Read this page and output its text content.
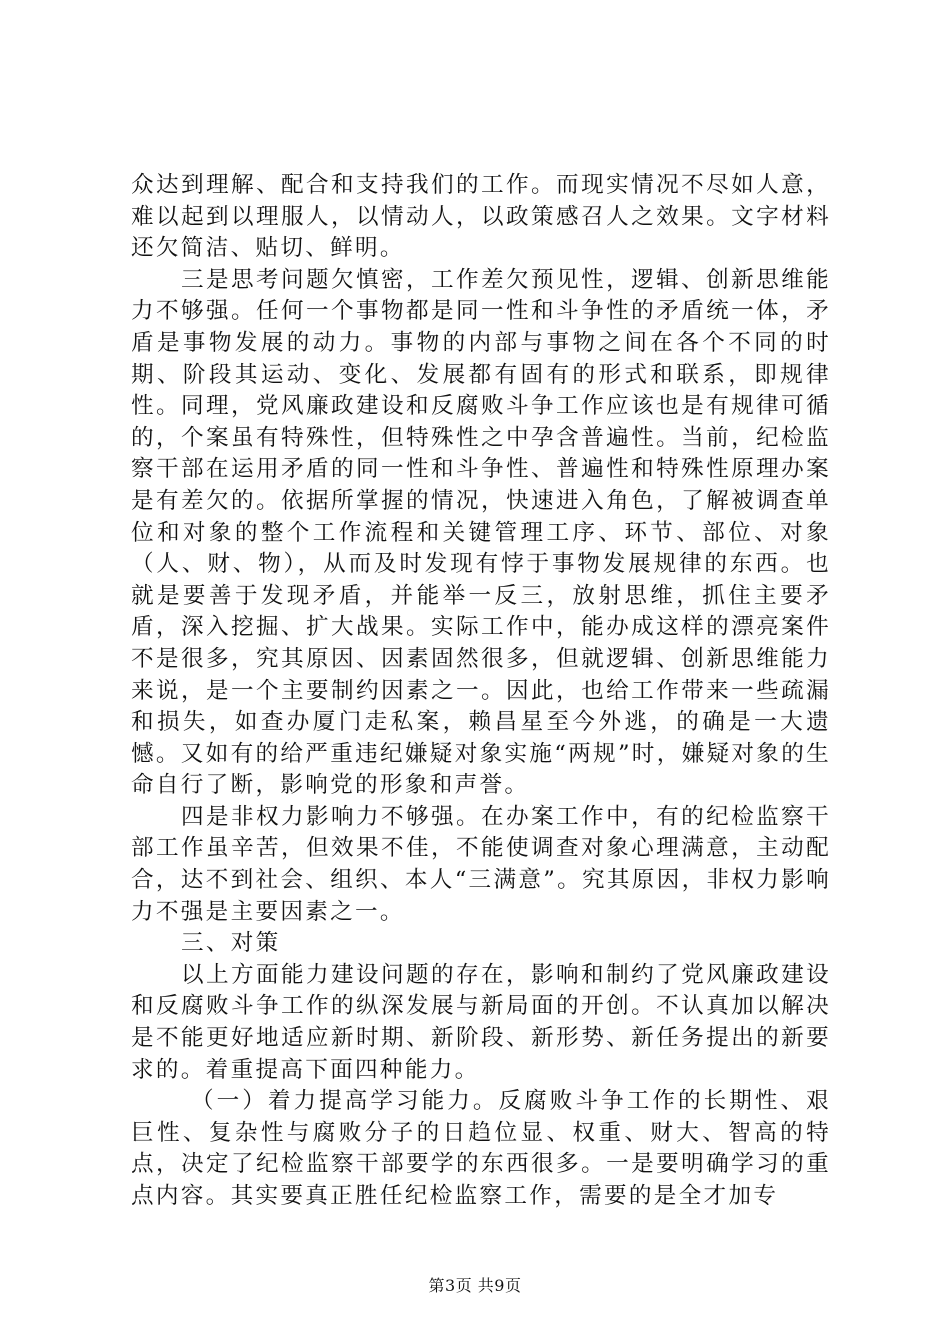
众达到理解、配合和支持我们的工作。而现实情况不尽如人意，难以起到以理服人，以情动人，以政策感召人之效果。文字材料还欠简洁、贴切、鲜明。

三是思考问题欠慎密，工作差欠预见性，逻辑、创新思维能力不够强。任何一个事物都是同一性和斗争性的矛盾统一体，矛盾是事物发展的动力。事物的内部与事物之间在各个不同的时期、阶段其运动、变化、发展都有固有的形式和联系，即规律性。同理，党风廉政建设和反腐败斗争工作应该也是有规律可循的，个案虽有特殊性，但特殊性之中孕含普遍性。当前，纪检监察干部在运用矛盾的同一性和斗争性、普遍性和特殊性原理办案是有差欠的。依据所掌握的情况，快速进入角色，了解被调查单位和对象的整个工作流程和关键管理工序、环节、部位、对象（人、财、物），从而及时发现有悖于事物发展规律的东西。也就是要善于发现矛盾，并能举一反三，放射思维，抓住主要矛盾，深入挖掘、扩大战果。实际工作中，能办成这样的漂亮案件不是很多，究其原因、因素固然很多，但就逻辑、创新思维能力来说，是一个主要制约因素之一。因此，也给工作带来一些疏漏和损失，如查办厦门走私案，赖昌星至今外逃，的确是一大遗憾。又如有的给严重违纪嫌疑对象实施“两规”时，嫌疑对象的生命自行了断，影响党的形象和声誉。

四是非权力影响力不够强。在办案工作中，有的纪检监察干部工作虽辛苦，但效果不佳，不能使调查对象心理满意，主动配合，达不到社会、组织、本人“三满意”。究其原因，非权力影响力不强是主要因素之一。

三、对策

以上方面能力建设问题的存在，影响和制约了党风廉政建设和反腐败斗争工作的纵深发展与新局面的开创。不认真加以解决是不能更好地适应新时期、新阶段、新形势、新任务提出的新要求的。着重提高下面四种能力。

（一）着力提高学习能力。反腐败斗争工作的长期性、艰巨性、复杂性与腐败分子的日趋位显、权重、财大、智高的特点，决定了纪检监察干部要学的东西很多。一是要明确学习的重点内容。其实要真正胜任纪检监察工作，需要的是全才加专

第3页 共9页
